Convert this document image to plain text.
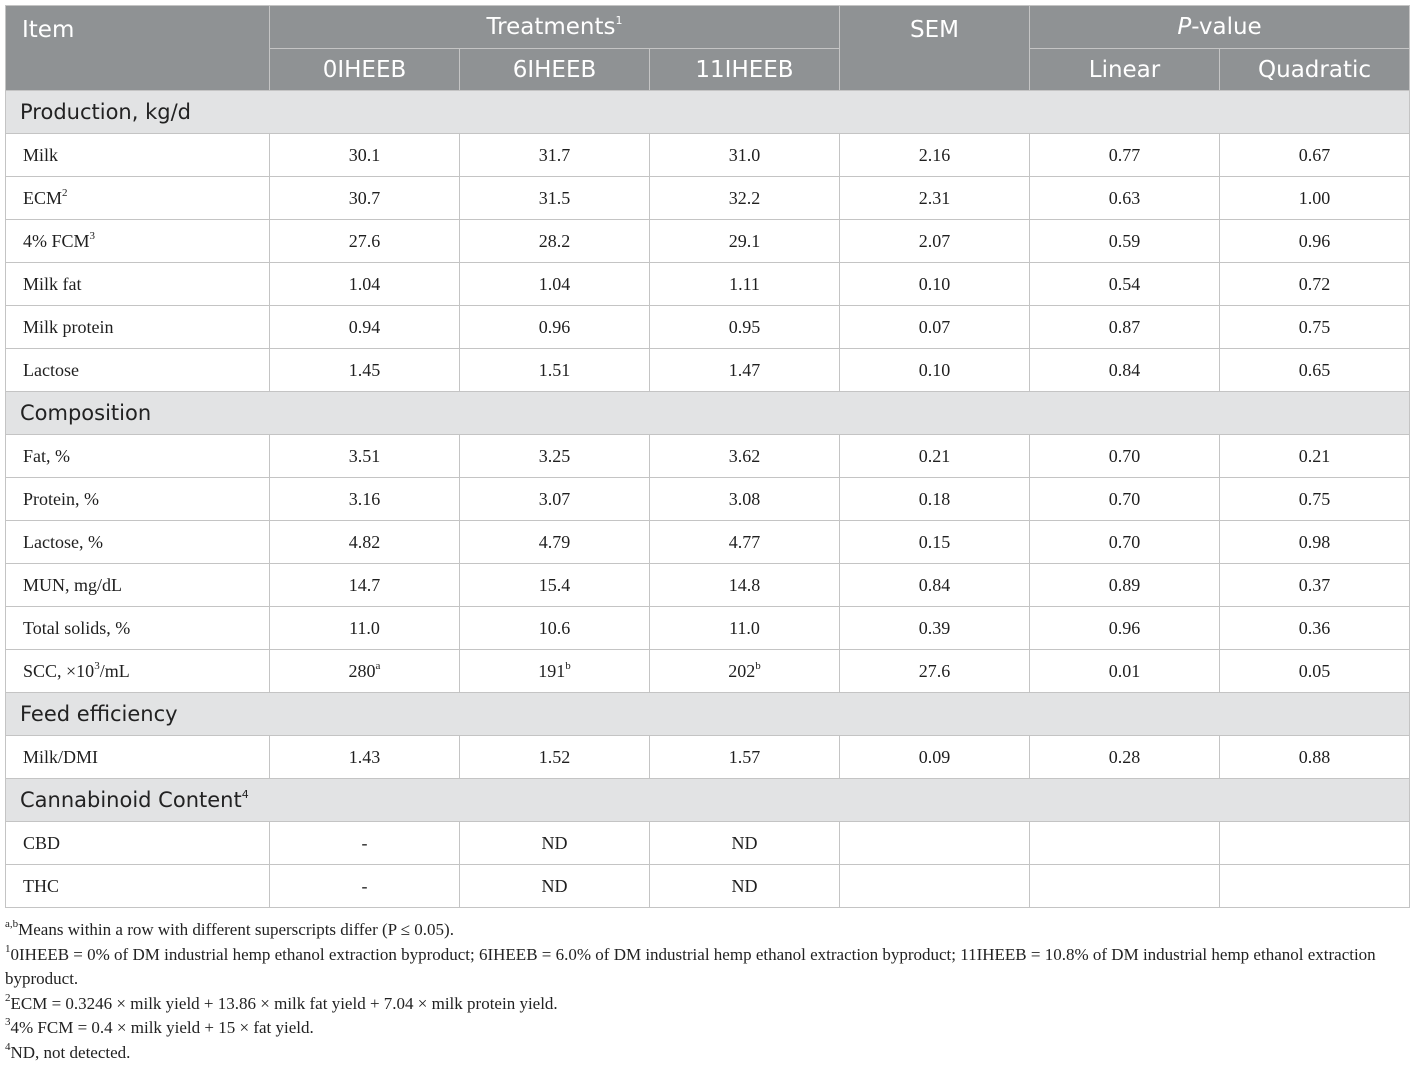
Item	Treatments$^1$			SEM	P-value	
	0IHEEB	6IHEEB	11IHEEB		Linear	Quadratic
Production, kg/d						
Milk	30.1	31.7	31.0	2.16	0.77	0.67
ECM$^2$	30.7	31.5	32.2	2.31	0.63	1.00
4% FCM$^3$	27.6	28.2	29.1	2.07	0.59	0.96
Milk fat	1.04	1.04	1.11	0.10	0.54	0.72
Milk protein	0.94	0.96	0.95	0.07	0.87	0.75
Lactose	1.45	1.51	1.47	0.10	0.84	0.65
Composition						
Fat, %	3.51	3.25	3.62	0.21	0.70	0.21
Protein, %	3.16	3.07	3.08	0.18	0.70	0.75
Lactose, %	4.82	4.79	4.77	0.15	0.70	0.98
MUN, mg/dL	14.7	15.4	14.8	0.84	0.89	0.37
Total solids, %	11.0	10.6	11.0	0.39	0.96	0.36
SCC, $\times 10^3/mL$	280$^a$	191$^b$	202$^b$	27.6	0.01	0.05
Feed efficiency						
Milk/DMI	1.43	1.52	1.57	0.09	0.28	0.88
Cannabinoid Content$^4$
CBD	-	ND	ND			
THC	-	ND	ND			

$^{a,b}$Means within a row with different superscripts differ (P ≤ 0.05).

$^1$0IHEEB = 0% of DM industrial hemp ethanol extraction byproduct; 6IHEEB = 6.0% of DM industrial hemp ethanol extraction byproduct; 11IHEEB = 10.8% of DM industrial hemp ethanol extraction byproduct.

$^2$ECM = 0.3246 × milk yield + 13.86 × milk fat yield + 7.04 × milk protein yield.

$^3$4% FCM = 0.4 × milk yield + 15 × fat yield.

$^4$ND, not detected.
